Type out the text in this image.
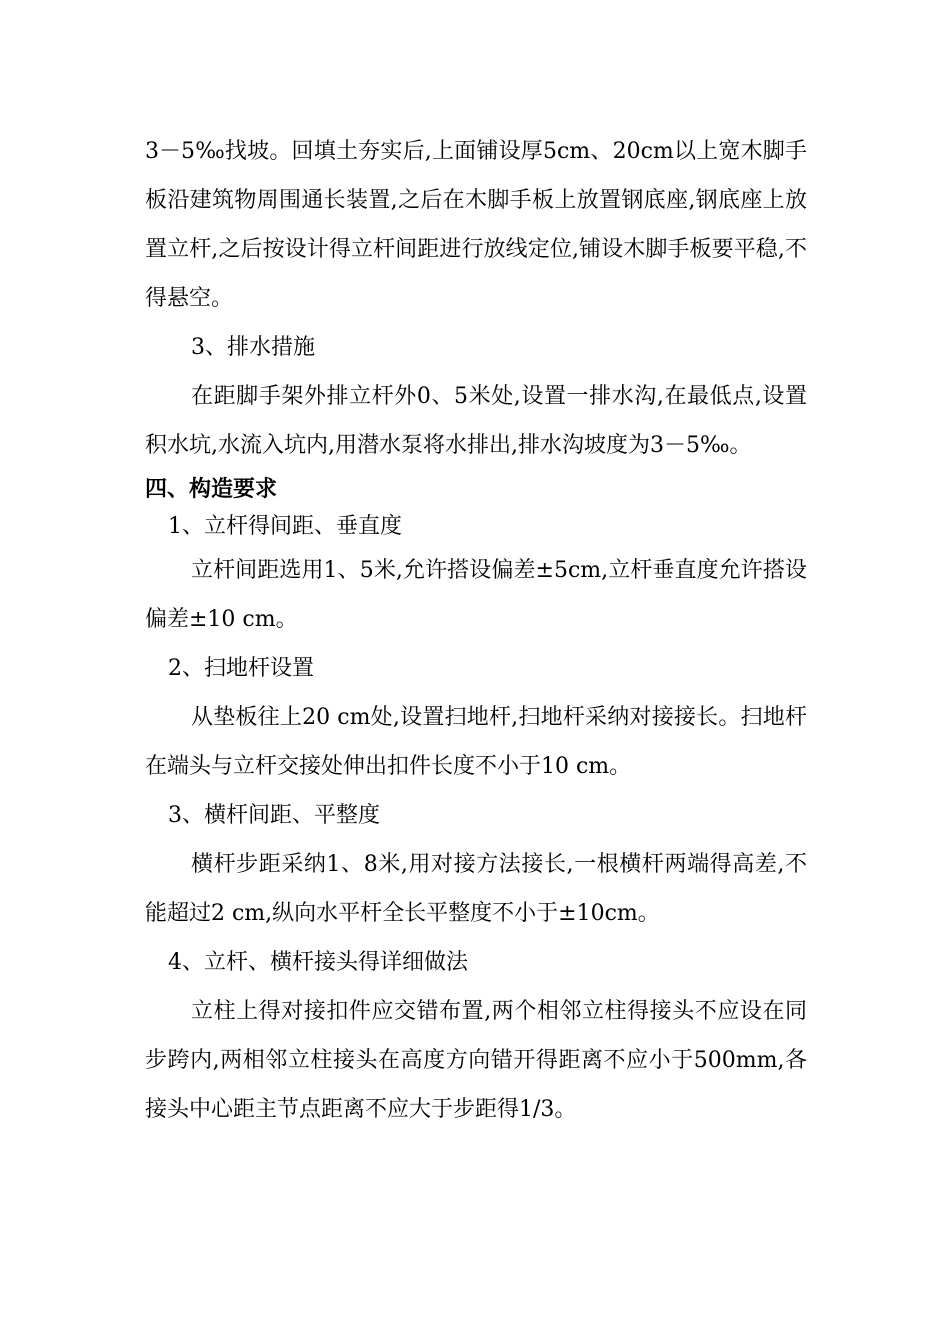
3－5‰找坡。回填土夯实后,上面铺设厚5cm、20cm以上宽木脚手板沿建筑物周围通长装置,之后在木脚手板上放置钢底座,钢底座上放置立杆,之后按设计得立杆间距进行放线定位,铺设木脚手板要平稳,不得悬空。

3、排水措施

在距脚手架外排立杆外0、5米处,设置一排水沟,在最低点,设置积水坑,水流入坑内,用潜水泵将水排出,排水沟坡度为3－5‰。

四、构造要求

1、立杆得间距、垂直度

立杆间距选用1、5米,允许搭设偏差±5cm,立杆垂直度允许搭设偏差±10 cm。

2、扫地杆设置

从垫板往上20 cm处,设置扫地杆,扫地杆采纳对接接长。扫地杆在端头与立杆交接处伸出扣件长度不小于10 cm。

3、横杆间距、平整度

横杆步距采纳1、8米,用对接方法接长,一根横杆两端得高差,不能超过2 cm,纵向水平杆全长平整度不小于±10cm。

4、立杆、横杆接头得详细做法

立柱上得对接扣件应交错布置,两个相邻立柱得接头不应设在同步跨内,两相邻立柱接头在高度方向错开得距离不应小于500mm,各接头中心距主节点距离不应大于步距得1/3。
